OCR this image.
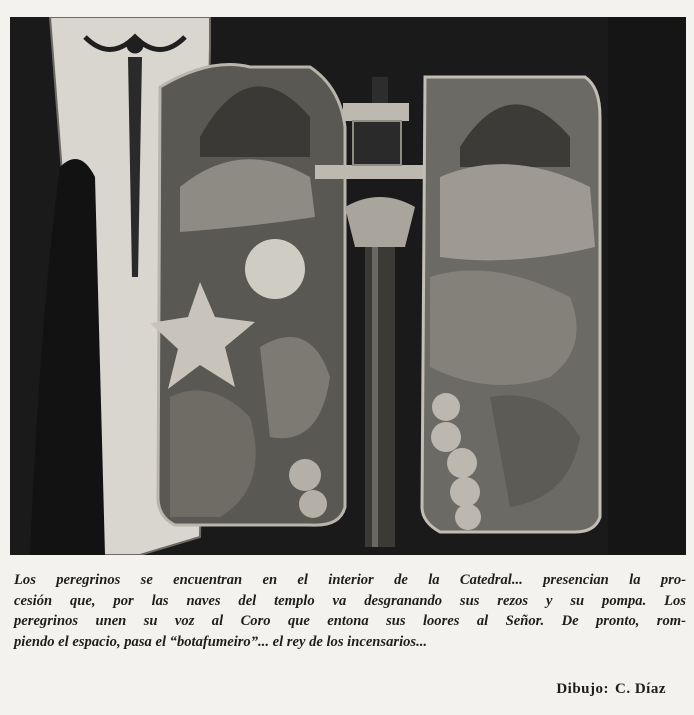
Los peregrinos se encuentran en el interior de la Catedral... presencian la pro-
cesión que, por las naves del templo va desgranando sus rezos y su pompa. Los
peregrinos unen su voz al Coro que entona sus loores al Señor. De pronto, rom-
piendo el espacio, pasa el “botafumeiro”... el rey de los incensarios...

Dibujo: C. Díaz
